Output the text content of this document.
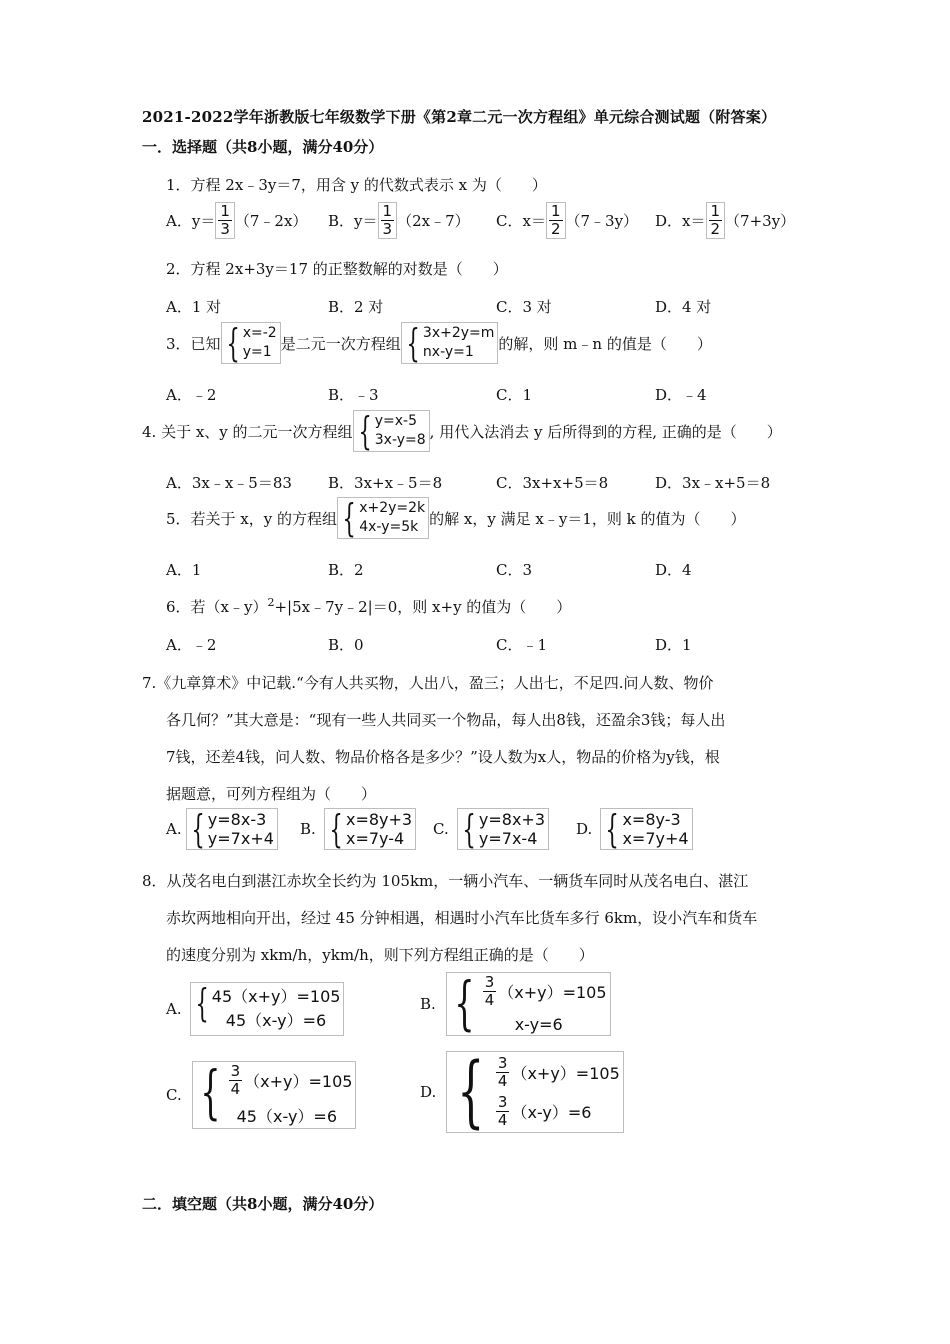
2021-2022学年浙教版七年级数学下册《第2章二元一次方程组》单元综合测试题（附答案）
一．选择题（共8小题，满分40分）
1．方程 2x﹣3y＝7，用含 y 的代数式表示 x 为（　　）
A． $y= \frac{1}{3}$ （7﹣2x） B． $y= \frac{1}{3}$ （2x﹣7） C． $x= \frac{1}{2}$ （7﹣3y） D． $x= \frac{1}{2} (7+3y)$
2．方程 2x+3y＝17 的正整数解的对数是（　　）
A．1 对	B．2 对	C．3 对	D．4 对
3．已知 { x=-2
y=1 是二元一次方程组 { 3x+2y=m
nx-y=1	的解，则 m﹣n 的值是（　　）
A．﹣2	B．﹣3	C．1	D．﹣4
4. 关于 x、y 的二元一次方程组 { y=x-5
3x-y=8 , 用代入法消去 y 后所得到的方程, 正确的是（　　）
A．3x﹣x﹣5＝83 B．3x+x﹣5＝8	C．3x+x+5＝8	D．3x﹣x+5＝8
5．若关于 x，y 的方程组 { x+2y=2k
4x-y=5k 的解 x，y 满足 x﹣y＝1，则 k 的值为（　　）
A．1	B．2	C．3	D．4
6．若（x﹣y）$^2$+|5x﹣7y﹣2|＝0，则 x+y 的值为（　　）
A．﹣2	B．0	C．﹣1	D．1
7.《九章算术》中记载.“今有人共买物，人出八，盈三；人出七，不足四.问人数、物价
各几何？”其大意是：“现有一些人共同买一个物品，每人出8钱，还盈余3钱；每人出
7钱，还差4钱，问人数、物品价格各是多少？”设人数为x人，物品的价格为y钱，根
据题意，可列方程组为（　　）
A. { y=8x-3
y=7x+4 B. { x=8y+3
x=7y-4	C. { y=8x+3
y=7x-4	D. { x=8y-3
x=7y+4
8．从茂名电白到湛江赤坎全长约为 105km，一辆小汽车、一辆货车同时从茂名电白、湛江
赤坎两地相向开出，经过 45 分钟相遇，相遇时小汽车比货车多行 6km，设小汽车和货车
的速度分别为 xkm/h，ykm/h，则下列方程组正确的是（　　）
A. { 45（x+y）=105
45（x-y）=6
B. { $\frac{3}{4} (x+y)=105$
x-y=6
C. { $\frac{3}{4} (x+y)=105$
45（x-y）=6
D. { $\frac{3}{4} (x+y)=105$
$\frac{3}{4} (x-y)=6$
二．填空题（共8小题，满分40分）
